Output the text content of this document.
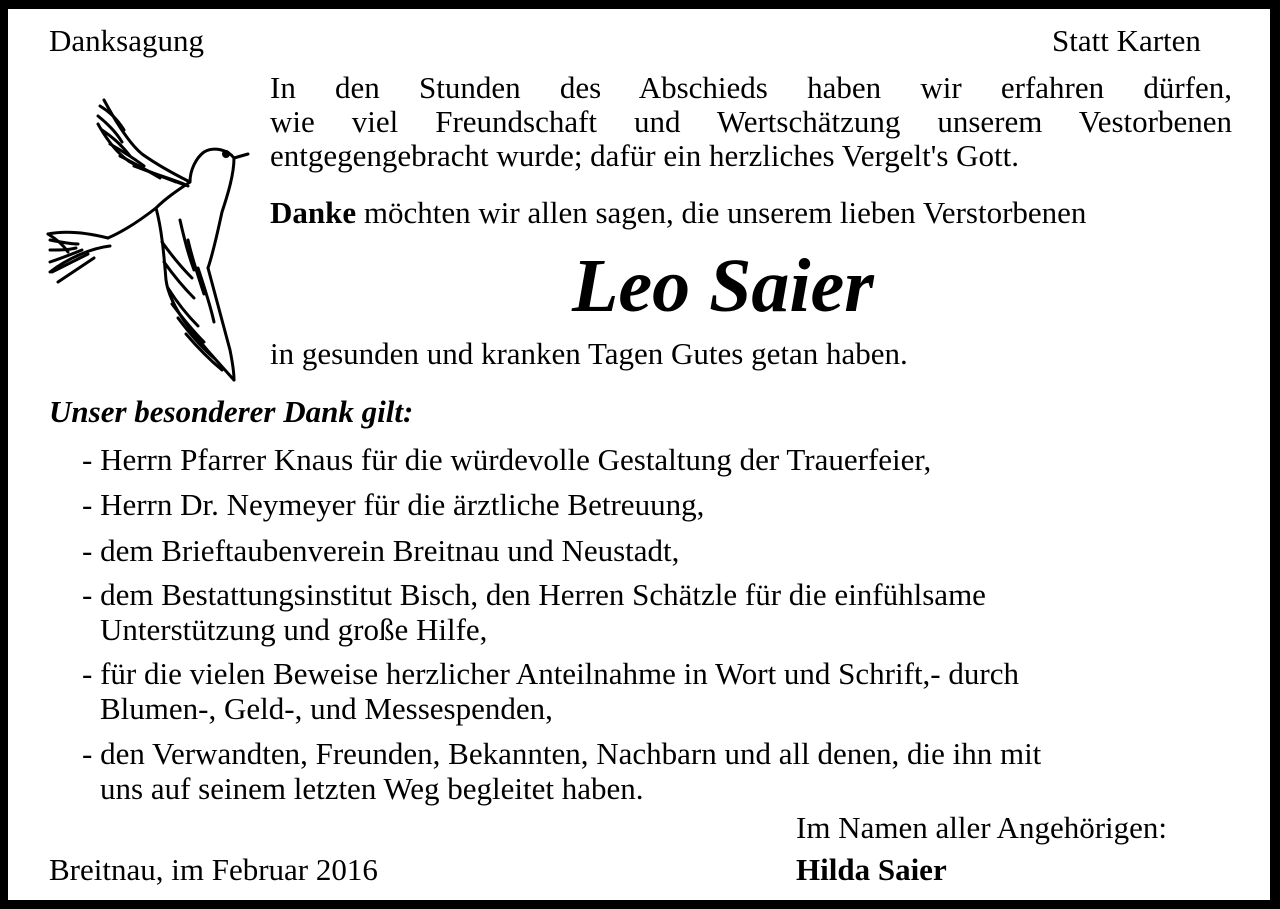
Danksagung	Statt Karten
In den Stunden des Abschieds haben wir erfahren dürfen,
wie viel Freundschaft und Wertschätzung unserem Vestorbenen
entgegengebracht wurde; dafür ein herzliches Vergelt's Gott.
Danke möchten wir allen sagen, die unserem lieben Verstorbenen
Leo Saier
in gesunden und kranken Tagen Gutes getan haben.
Unser besonderer Dank gilt:
- Herrn Pfarrer Knaus für die würdevolle Gestaltung der Trauerfeier,
- Herrn Dr. Neymeyer für die ärztliche Betreuung,
- dem Brieftaubenverein Breitnau und Neustadt,
- dem Bestattungsinstitut Bisch, den Herren Schätzle für die einfühlsame
Unterstützung und große Hilfe,
- für die vielen Beweise herzlicher Anteilnahme in Wort und Schrift,- durch
Blumen-, Geld-, und Messespenden,
- den Verwandten, Freunden, Bekannten, Nachbarn und all denen, die ihn mit
uns auf seinem letzten Weg begleitet haben.
Im Namen aller Angehörigen:
Hilda Saier
Breitnau, im Februar 2016
